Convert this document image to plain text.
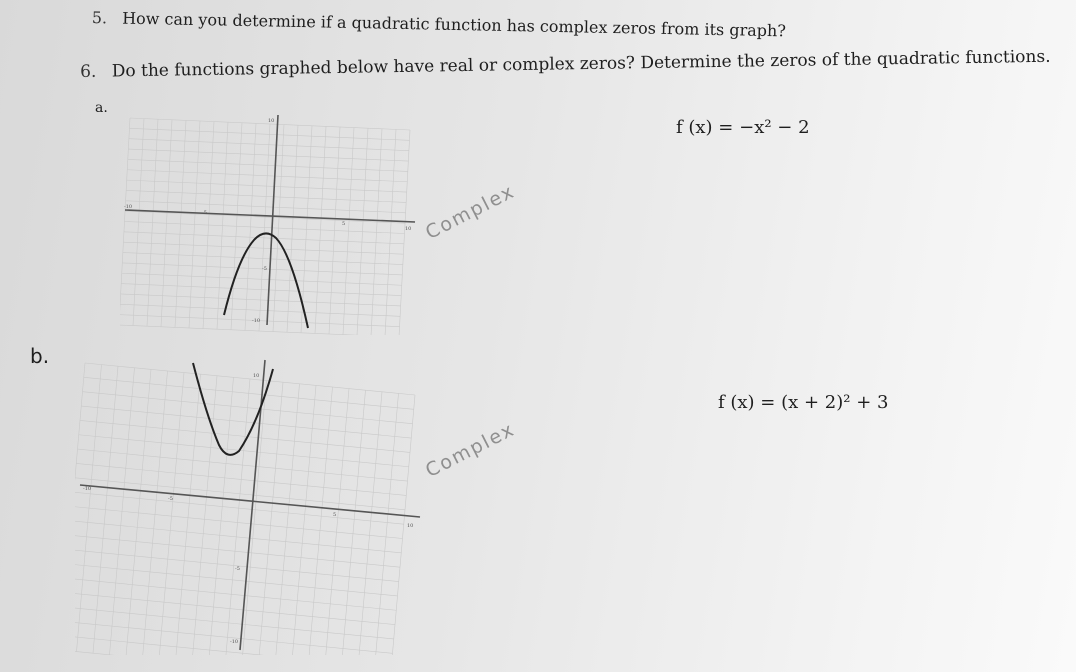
5. How can you determine if a quadratic function has complex zeros from its graph?
6. Do the functions graphed below have real or complex zeros? Determine the zeros of the quadratic functions.
a.
f (x) = −x² − 2
Complex
-10
-5
5
10
10
-5
-10
b.
f (x) = (x + 2)² + 3
Complex
-10
-5
5
10
10
-5
-10
